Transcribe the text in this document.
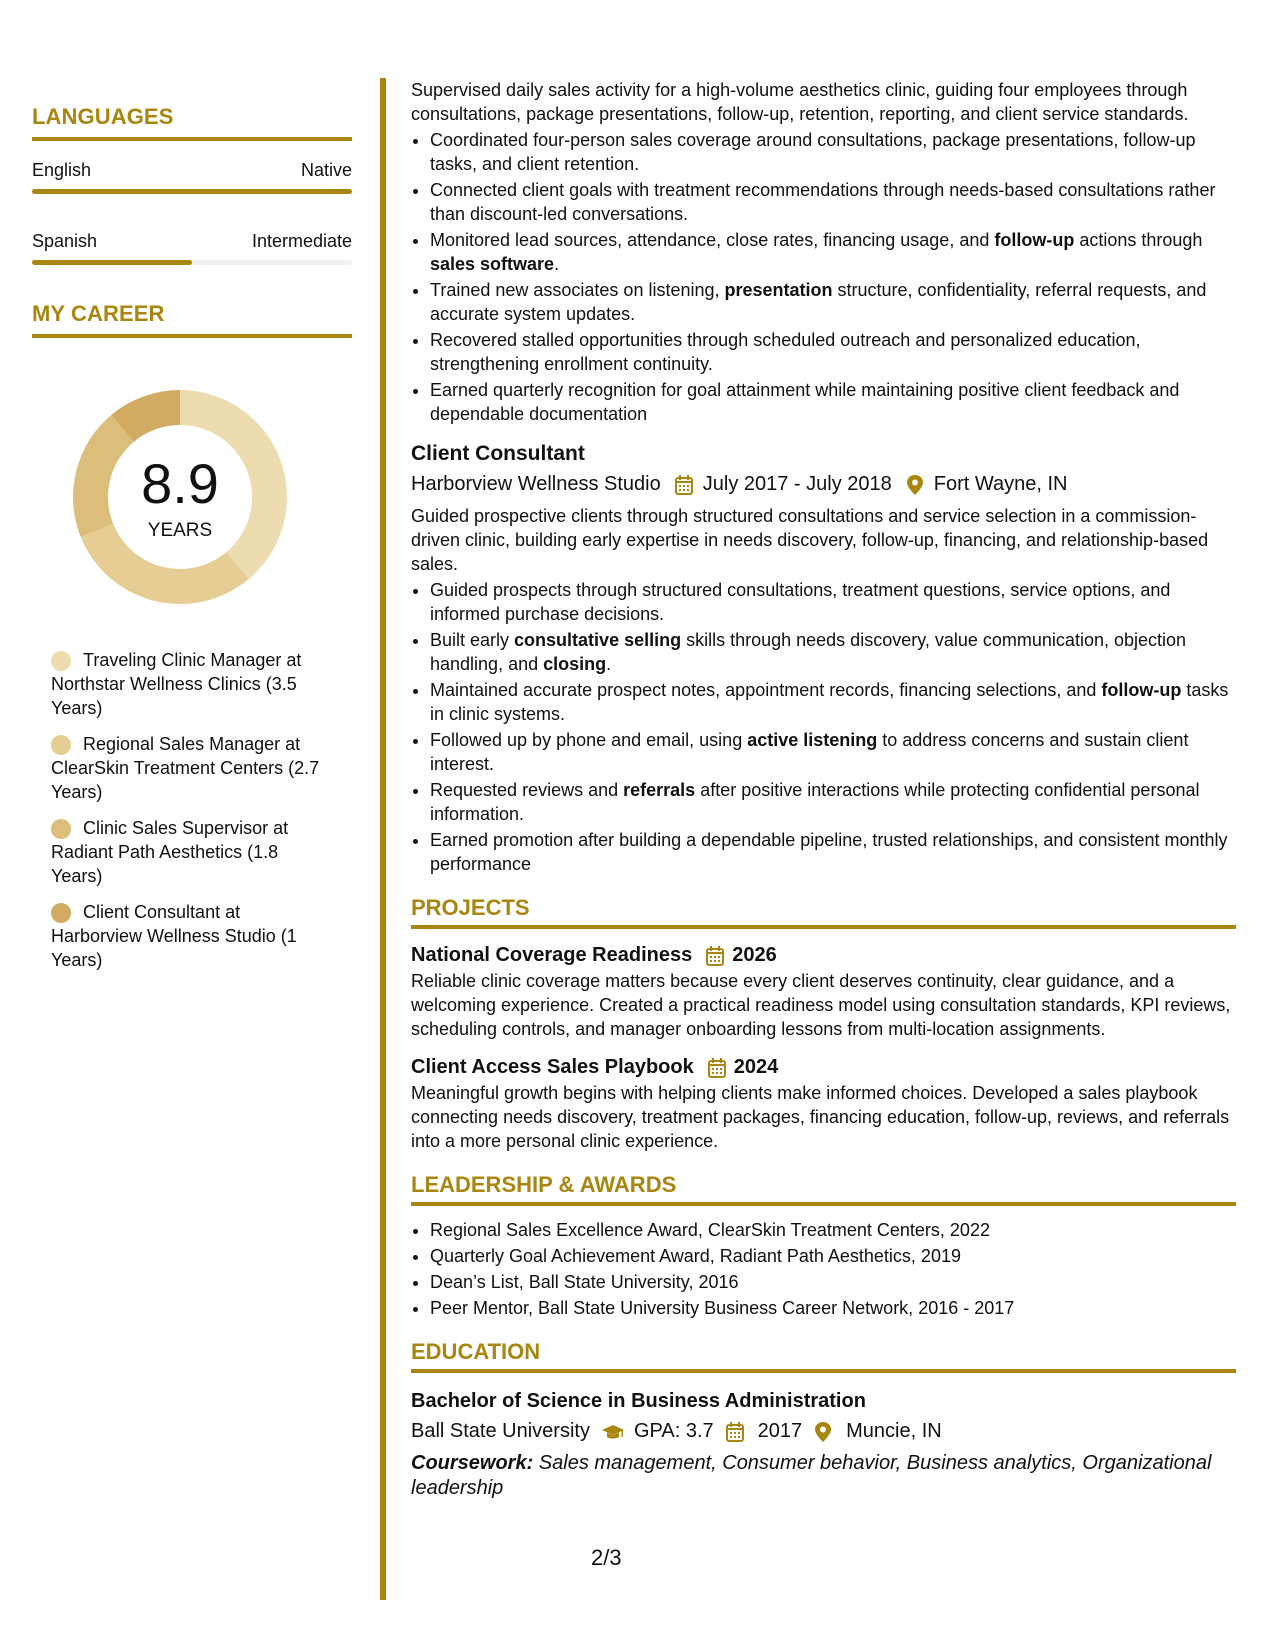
LANGUAGES
English	Native
Spanish	Intermediate
MY CAREER
8.9
YEARS
Traveling Clinic Manager at Northstar Wellness Clinics (3.5 Years)
Regional Sales Manager at ClearSkin Treatment Centers (2.7 Years)
Clinic Sales Supervisor at Radiant Path Aesthetics (1.8 Years)
Client Consultant at Harborview Wellness Studio (1 Years)

Supervised daily sales activity for a high-volume aesthetics clinic, guiding four employees through consultations, package presentations, follow-up, retention, reporting, and client service standards.

• Coordinated four-person sales coverage around consultations, package presentations, follow-up tasks, and client retention.
• Connected client goals with treatment recommendations through needs-based consultations rather than discount-led conversations.
• Monitored lead sources, attendance, close rates, financing usage, and follow-up actions through sales software.
• Trained new associates on listening, presentation structure, confidentiality, referral requests, and accurate system updates.
• Recovered stalled opportunities through scheduled outreach and personalized education, strengthening enrollment continuity.
• Earned quarterly recognition for goal attainment while maintaining positive client feedback and dependable documentation
Client Consultant
Harborview Wellness Studio July 2017 - July 2018 Fort Wayne, IN

Guided prospective clients through structured consultations and service selection in a commission-driven clinic, building early expertise in needs discovery, follow-up, financing, and relationship-based sales.

• Guided prospects through structured consultations, treatment questions, service options, and informed purchase decisions.
• Built early consultative selling skills through needs discovery, value communication, objection handling, and closing.
• Maintained accurate prospect notes, appointment records, financing selections, and follow-up tasks in clinic systems.
• Followed up by phone and email, using active listening to address concerns and sustain client interest.
• Requested reviews and referrals after positive interactions while protecting confidential personal information.
• Earned promotion after building a dependable pipeline, trusted relationships, and consistent monthly performance
PROJECTS
National Coverage Readiness 2026

Reliable clinic coverage matters because every client deserves continuity, clear guidance, and a welcoming experience. Created a practical readiness model using consultation standards, KPI reviews, scheduling controls, and manager onboarding lessons from multi-location assignments.

Client Access Sales Playbook 2024

Meaningful growth begins with helping clients make informed choices. Developed a sales playbook connecting needs discovery, treatment packages, financing education, follow-up, reviews, and referrals into a more personal clinic experience.

LEADERSHIP & AWARDS
• Regional Sales Excellence Award, ClearSkin Treatment Centers, 2022
• Quarterly Goal Achievement Award, Radiant Path Aesthetics, 2019
• Dean’s List, Ball State University, 2016
• Peer Mentor, Ball State University Business Career Network, 2016 - 2017
EDUCATION
Bachelor of Science in Business Administration
Ball State University GPA: 3.7 2017 Muncie, IN
Coursework: Sales management, Consumer behavior, Business analytics, Organizational leadership
2/3
